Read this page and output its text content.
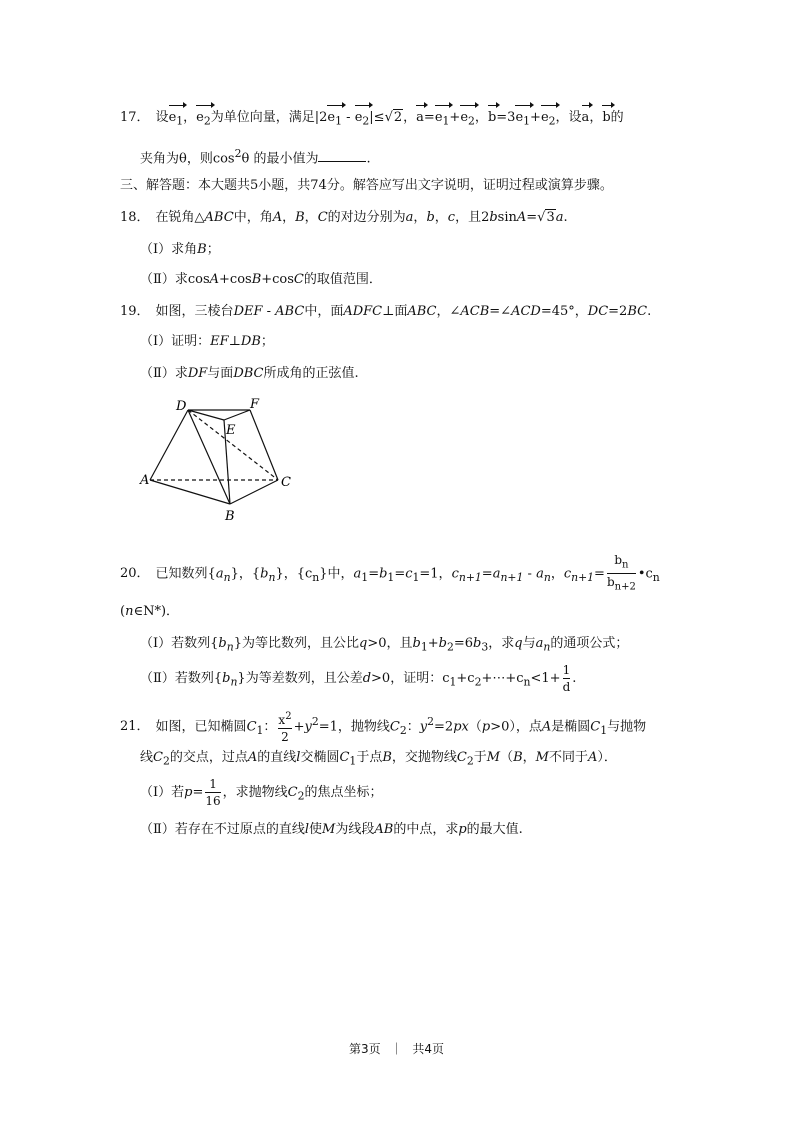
17． 设$e_1$，$e_2$为单位向量，满足$|2e_1 - e_2|\le√2$，$a=e_1+e_2$，$b=3e_1+e_2$，设a，b的
夹角为θ，则$\cos^2\theta$ 的最小值为	.
三、解答题：本大题共5小题，共74分。解答应写出文字说明，证明过程或演算步骤。
18． 在锐角△ABC中，角A，B，C的对边分别为a，b，c，且2bsinA=√3a.
（Ⅰ）求角B；
（Ⅱ）求cosA+cosB+cosC的取值范围．
19． 如图，三棱台DEF - ABC中，面ADFC⊥面ABC，∠ACB=∠ACD=45°，DC=2BC.
（Ⅰ）证明：EF⊥DB；
（Ⅱ）求DF与面DBC所成角的正弦值.
D	F
E
A	C
B
20． 已知数列$\{a_n\}$，$\{b_n\}$，$\{c_n\}$中，$a_1=b_1=c_1=1$，$c_{n+1}=a_{n+1} - a_n$，$c_{n+1}= \frac{b_n}{b_{n+2}}$ $•c_n$
(n∈N*)．
（Ⅰ）若数列$\{b_n\}$为等比数列，且公比q>0，且$b_1+b_2=6b_3$，求q与$a_n$的通项公式；
（Ⅱ）若数列$\{b_n\}$为等差数列，且公差d>0，证明：$c_1+c_2+\cdots+c_n<1+ \frac{1}{d}$ .
21． 如图，已知椭圆$C_1$： $\frac{x^2}{2} +y^2=1$，抛物线$C_2$：$y^2=2px(p>0)$，点A是椭圆$C_1$与抛物
线$C_2$的交点，过点A的直线l交椭圆$C_1$于点B，交抛物线$C_2$于M（B，M不同于A）．
（Ⅰ）若$p= \frac{1}{16}$ ，求抛物线$C_2$的焦点坐标；
（Ⅱ）若存在不过原点的直线l使M为线段AB的中点，求p的最大值.
第3页 ｜ 共4页
